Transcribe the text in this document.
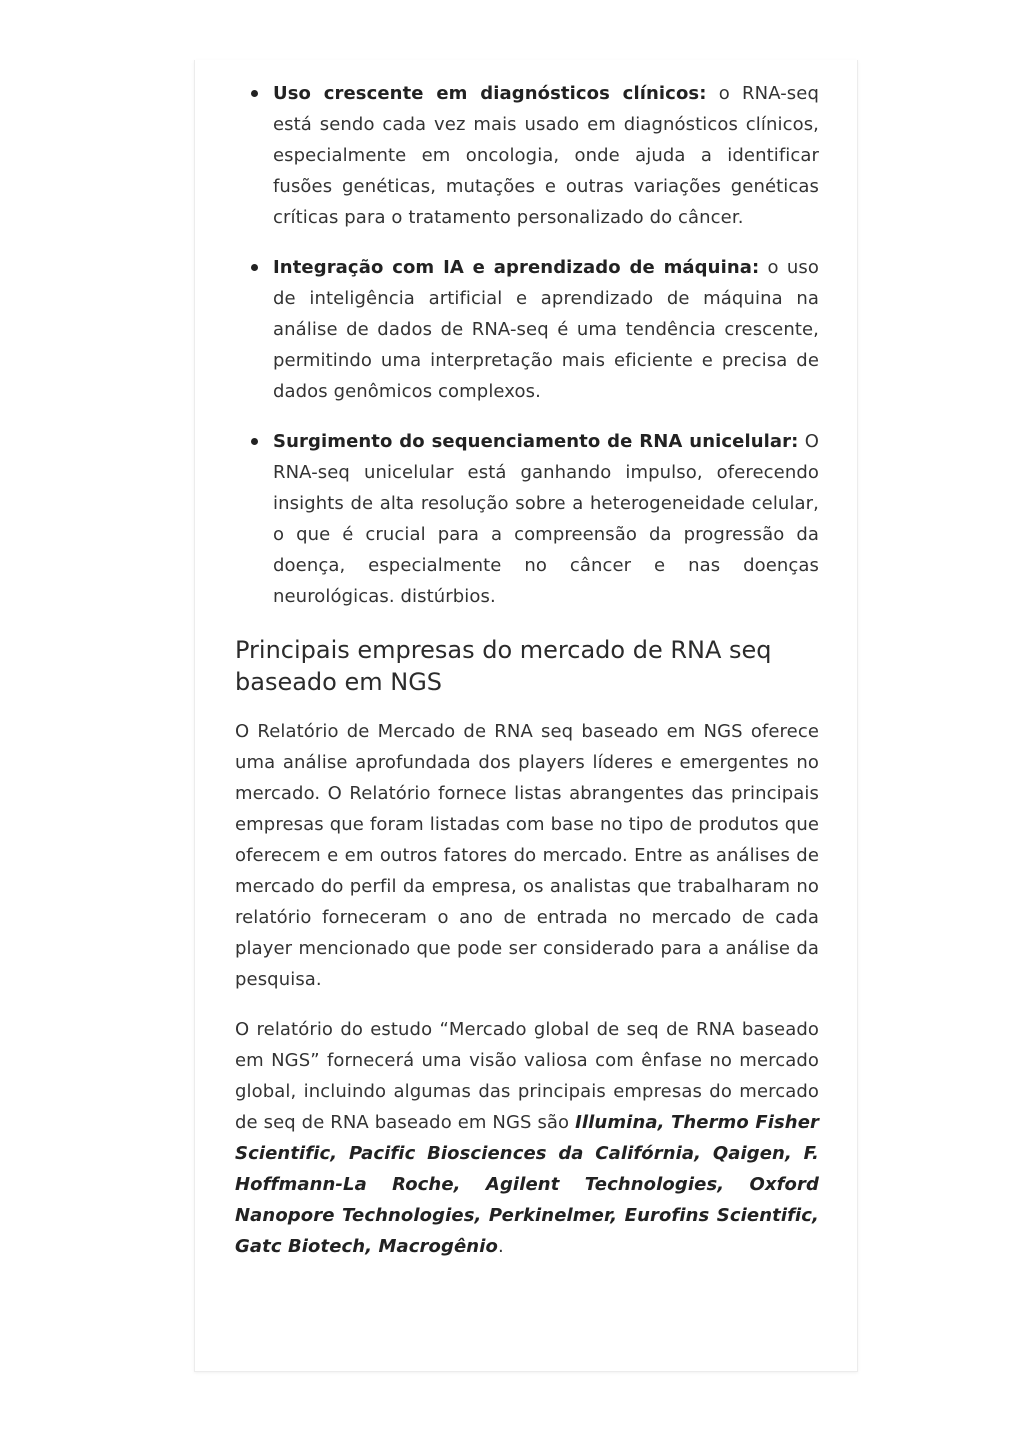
Uso crescente em diagnósticos clínicos: o RNA-seq está sendo cada vez mais usado em diagnósticos clínicos, especialmente em oncologia, onde ajuda a identificar fusões genéticas, mutações e outras variações genéticas críticas para o tratamento personalizado do câncer.
Integração com IA e aprendizado de máquina: o uso de inteligência artificial e aprendizado de máquina na análise de dados de RNA-seq é uma tendência crescente, permitindo uma interpretação mais eficiente e precisa de dados genômicos complexos.
Surgimento do sequenciamento de RNA unicelular: O RNA-seq unicelular está ganhando impulso, oferecendo insights de alta resolução sobre a heterogeneidade celular, o que é crucial para a compreensão da progressão da doença, especialmente no câncer e nas doenças neurológicas. distúrbios.
Principais empresas do mercado de RNA seq baseado em NGS

O Relatório de Mercado de RNA seq baseado em NGS oferece uma análise aprofundada dos players líderes e emergentes no mercado. O Relatório fornece listas abrangentes das principais empresas que foram listadas com base no tipo de produtos que oferecem e em outros fatores do mercado. Entre as análises de mercado do perfil da empresa, os analistas que trabalharam no relatório forneceram o ano de entrada no mercado de cada player mencionado que pode ser considerado para a análise da pesquisa.

O relatório do estudo “Mercado global de seq de RNA baseado em NGS” fornecerá uma visão valiosa com ênfase no mercado global, incluindo algumas das principais empresas do mercado de seq de RNA baseado em NGS são Illumina, Thermo Fisher Scientific, Pacific Biosciences da Califórnia, Qaigen, F. Hoffmann-La Roche, Agilent Technologies, Oxford Nanopore Technologies, Perkinelmer, Eurofins Scientific, Gatc Biotech, Macrogênio.
